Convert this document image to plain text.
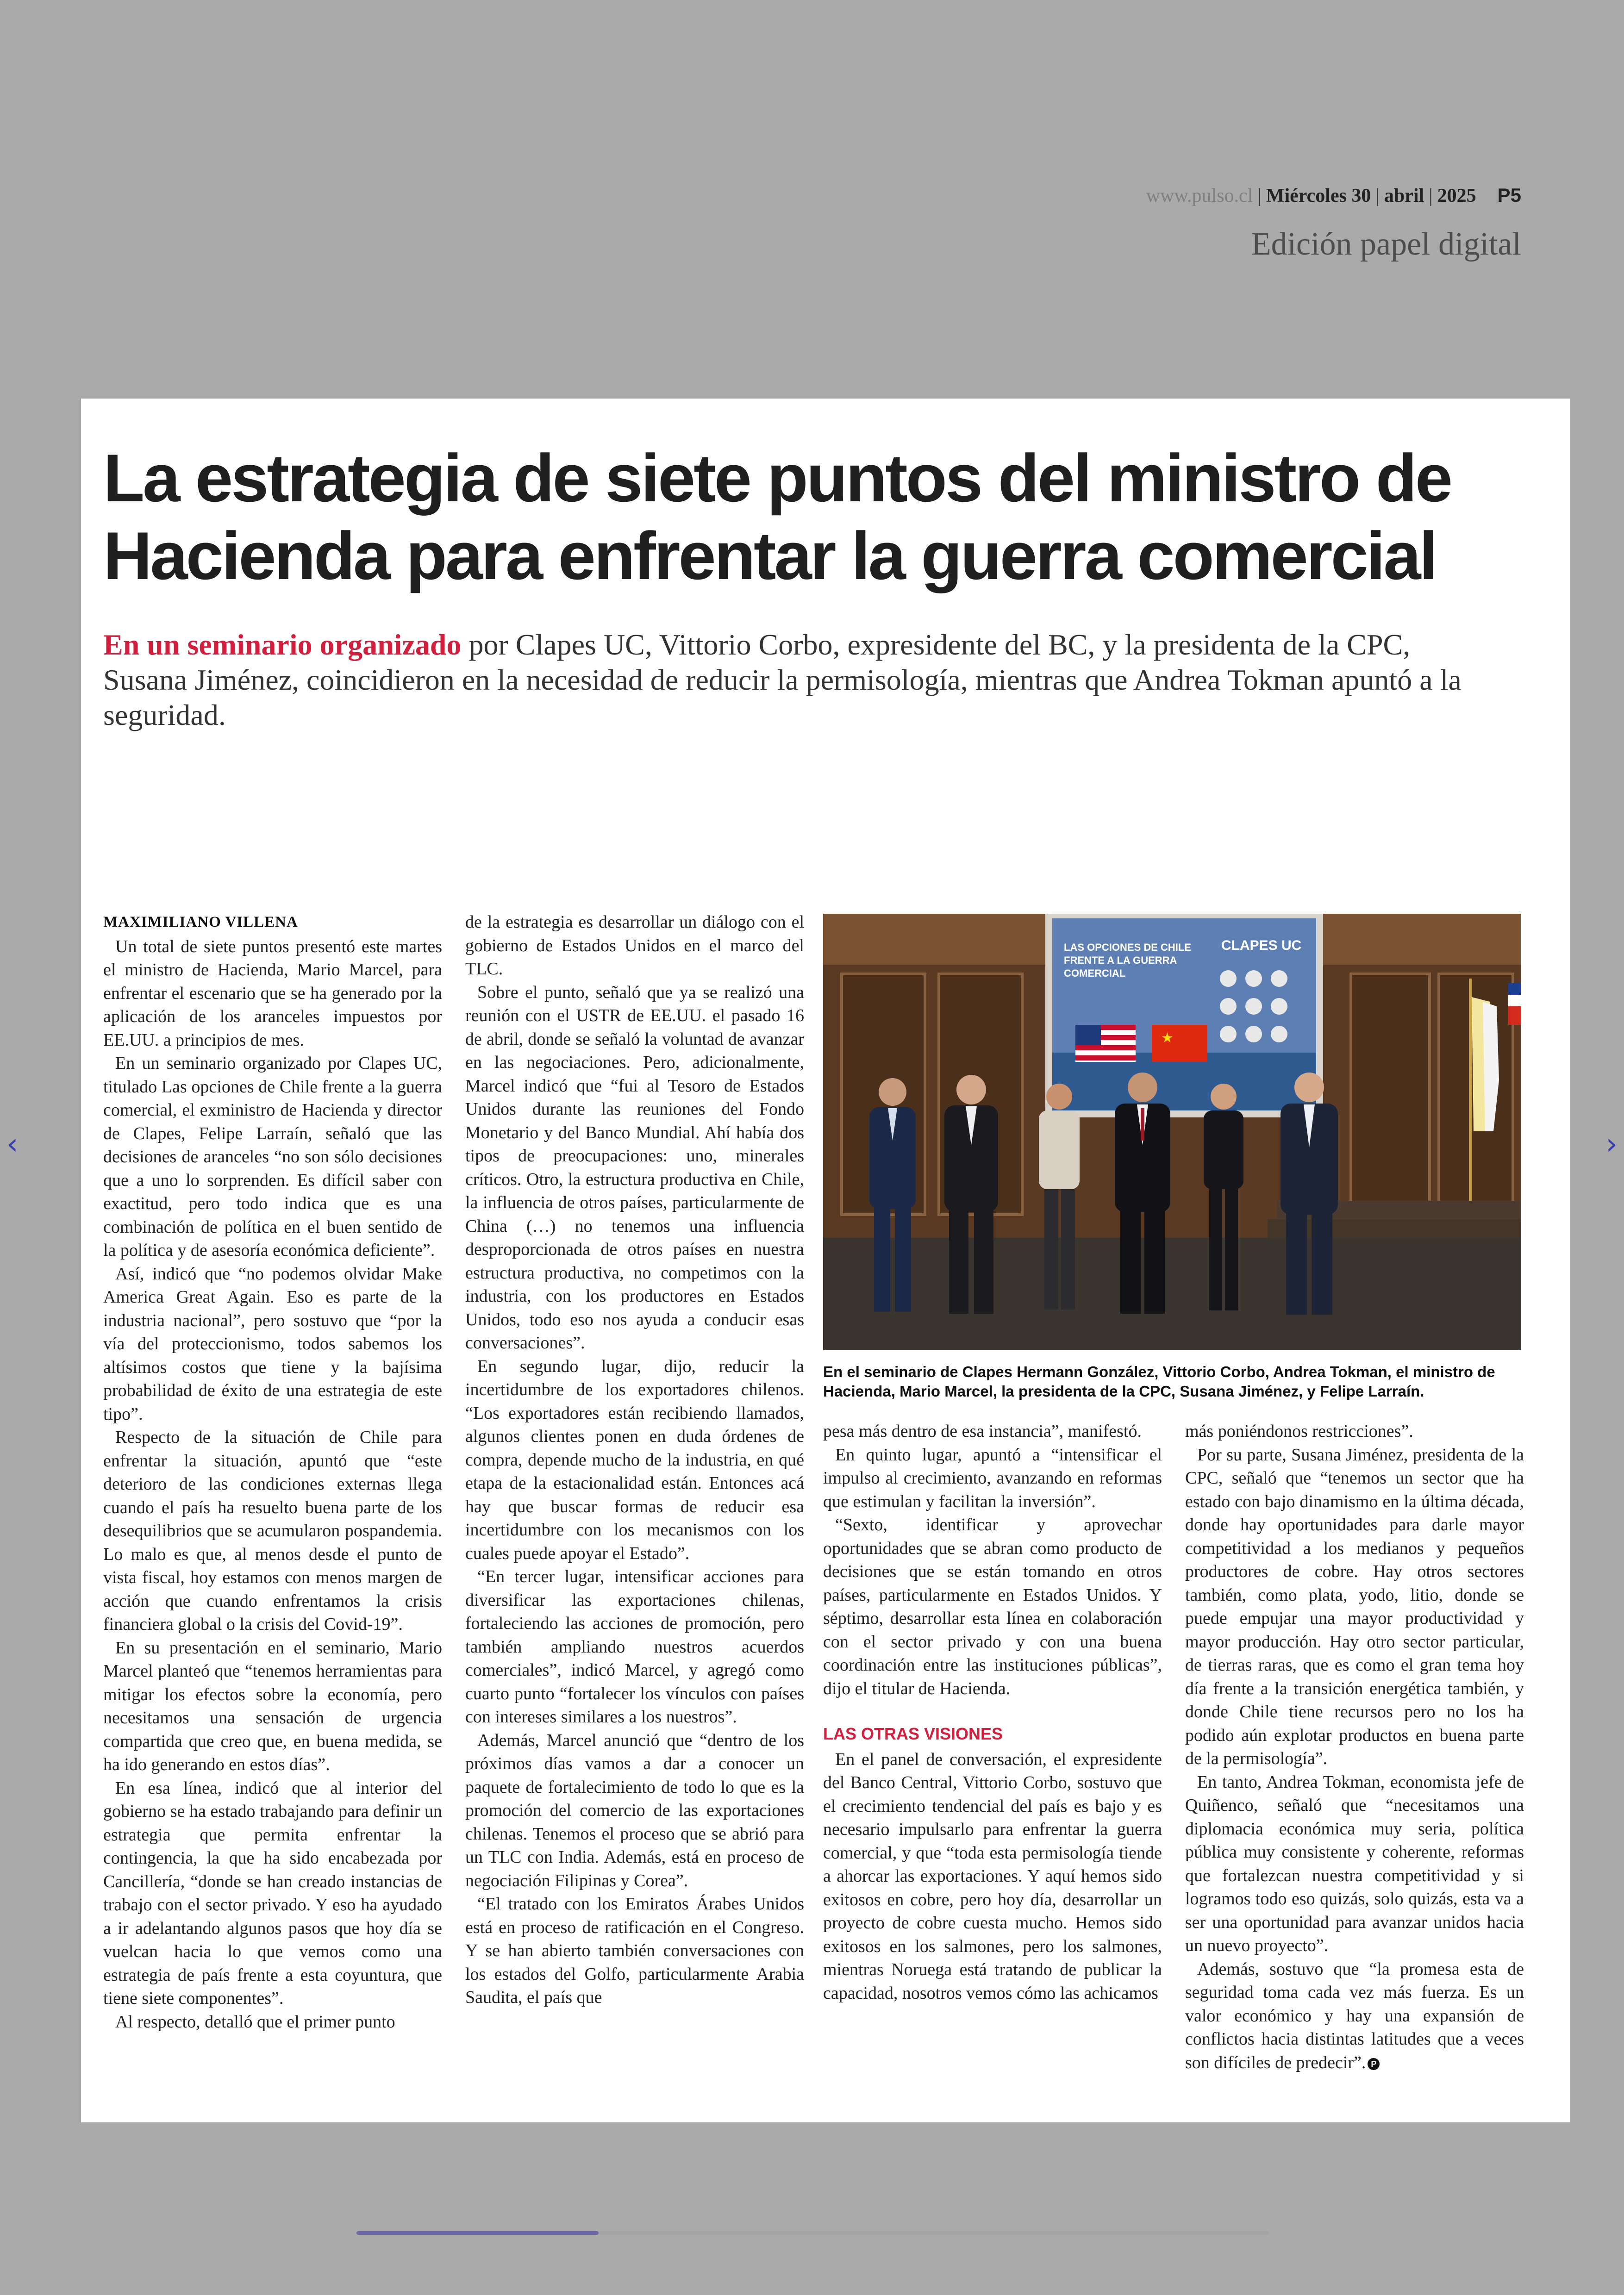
‹	›
www.pulso.cl | Miércoles 30 | abril | 2025 P5
Edición papel digital
La estrategia de siete puntos del ministro de Hacienda para enfrentar la guerra comercial

En un seminario organizado por Clapes UC, Vittorio Corbo, expresidente del BC, y la presidenta de la CPC, Susana Jiménez, coincidieron en la necesidad de reducir la permisología, mientras que Andrea Tokman apuntó a la seguridad.

MAXIMILIANO VILLENA

Un total de siete puntos presentó este martes el ministro de Hacienda, Mario Marcel, para enfrentar el escenario que se ha generado por la aplicación de los aranceles impuestos por EE.UU. a principios de mes.

En un seminario organizado por Clapes UC, titulado Las opciones de Chile frente a la guerra comercial, el exministro de Hacienda y director de Clapes, Felipe Larraín, señaló que las decisiones de aranceles “no son sólo decisiones que a uno lo sorprenden. Es difícil saber con exactitud, pero todo indica que es una combinación de política en el buen sentido de la política y de asesoría económica deficiente”.

Así, indicó que “no podemos olvidar Make America Great Again. Eso es parte de la industria nacional”, pero sostuvo que “por la vía del proteccionismo, todos sabemos los altísimos costos que tiene y la bajísima probabilidad de éxito de una estrategia de este tipo”.

Respecto de la situación de Chile para enfrentar la situación, apuntó que “este deterioro de las condiciones externas llega cuando el país ha resuelto buena parte de los desequilibrios que se acumularon pospandemia. Lo malo es que, al menos desde el punto de vista fiscal, hoy estamos con menos margen de acción que cuando enfrentamos la crisis financiera global o la crisis del Covid-19”.

En su presentación en el seminario, Mario Marcel planteó que “tenemos herramientas para mitigar los efectos sobre la economía, pero necesitamos una sensación de urgencia compartida que creo que, en buena medida, se ha ido generando en estos días”.

En esa línea, indicó que al interior del gobierno se ha estado trabajando para definir un estrategia que permita enfrentar la contingencia, la que ha sido encabezada por Cancillería, “donde se han creado instancias de trabajo con el sector privado. Y eso ha ayudado a ir adelantando algunos pasos que hoy día se vuelcan hacia lo que vemos como una estrategia de país frente a esta coyuntura, que tiene siete componentes”.

Al respecto, detalló que el primer punto

de la estrategia es desarrollar un diálogo con el gobierno de Estados Unidos en el marco del TLC.

Sobre el punto, señaló que ya se realizó una reunión con el USTR de EE.UU. el pasado 16 de abril, donde se señaló la voluntad de avanzar en las negociaciones. Pero, adicionalmente, Marcel indicó que “fui al Tesoro de Estados Unidos durante las reuniones del Fondo Monetario y del Banco Mundial. Ahí había dos tipos de preocupaciones: uno, minerales críticos. Otro, la estructura productiva en Chile, la influencia de otros países, particularmente de China (…) no tenemos una influencia desproporcionada de otros países en nuestra estructura productiva, no competimos con la industria, con los productores en Estados Unidos, todo eso nos ayuda a conducir esas conversaciones”.

En segundo lugar, dijo, reducir la incertidumbre de los exportadores chilenos. “Los exportadores están recibiendo llamados, algunos clientes ponen en duda órdenes de compra, depende mucho de la industria, en qué etapa de la estacionalidad están. Entonces acá hay que buscar formas de reducir esa incertidumbre con los mecanismos con los cuales puede apoyar el Estado”.

“En tercer lugar, intensificar acciones para diversificar las exportaciones chilenas, fortaleciendo las acciones de promoción, pero también ampliando nuestros acuerdos comerciales”, indicó Marcel, y agregó como cuarto punto “fortalecer los vínculos con países con intereses similares a los nuestros”.

Además, Marcel anunció que “dentro de los próximos días vamos a dar a conocer un paquete de fortalecimiento de todo lo que es la promoción del comercio de las exportaciones chilenas. Tenemos el proceso que se abrió para un TLC con India. Además, está en proceso de negociación Filipinas y Corea”.

“El tratado con los Emiratos Árabes Unidos está en proceso de ratificación en el Congreso. Y se han abierto también conversaciones con los estados del Golfo, particularmente Arabia Saudita, el país que

LAS OPCIONES DE CHILE FRENTE A LA GUERRA COMERCIAL
CLAPES UC
★

En el seminario de Clapes Hermann González, Vittorio Corbo, Andrea Tokman, el ministro de Hacienda, Mario Marcel, la presidenta de la CPC, Susana Jiménez, y Felipe Larraín.

pesa más dentro de esa instancia”, manifestó.

En quinto lugar, apuntó a “intensificar el impulso al crecimiento, avanzando en reformas que estimulan y facilitan la inversión”.

“Sexto, identificar y aprovechar oportunidades que se abran como producto de decisiones que se están tomando en otros países, particularmente en Estados Unidos. Y séptimo, desarrollar esta línea en colaboración con el sector privado y con una buena coordinación entre las instituciones públicas”, dijo el titular de Hacienda.

LAS OTRAS VISIONES

En el panel de conversación, el expresidente del Banco Central, Vittorio Corbo, sostuvo que el crecimiento tendencial del país es bajo y es necesario impulsarlo para enfrentar la guerra comercial, y que “toda esta permisología tiende a ahorcar las exportaciones. Y aquí hemos sido exitosos en cobre, pero hoy día, desarrollar un proyecto de cobre cuesta mucho. Hemos sido exitosos en los salmones, pero los salmones, mientras Noruega está tratando de publicar la capacidad, nosotros vemos cómo las achicamos

más poniéndonos restricciones”.

Por su parte, Susana Jiménez, presidenta de la CPC, señaló que “tenemos un sector que ha estado con bajo dinamismo en la última década, donde hay oportunidades para darle mayor competitividad a los medianos y pequeños productores de cobre. Hay otros sectores también, como plata, yodo, litio, donde se puede empujar una mayor productividad y mayor producción. Hay otro sector particular, de tierras raras, que es como el gran tema hoy día frente a la transición energética también, y donde Chile tiene recursos pero no los ha podido aún explotar productos en buena parte de la permisología”.

En tanto, Andrea Tokman, economista jefe de Quiñenco, señaló que “necesitamos una diplomacia económica muy seria, política pública muy consistente y coherente, reformas que fortalezcan nuestra competitividad y si logramos todo eso quizás, solo quizás, esta va a ser una oportunidad para avanzar unidos hacia un nuevo proyecto”.

Además, sostuvo que “la promesa esta de seguridad toma cada vez más fuerza. Es un valor económico y hay una expansión de conflictos hacia distintas latitudes que a veces son difíciles de predecir”. P
